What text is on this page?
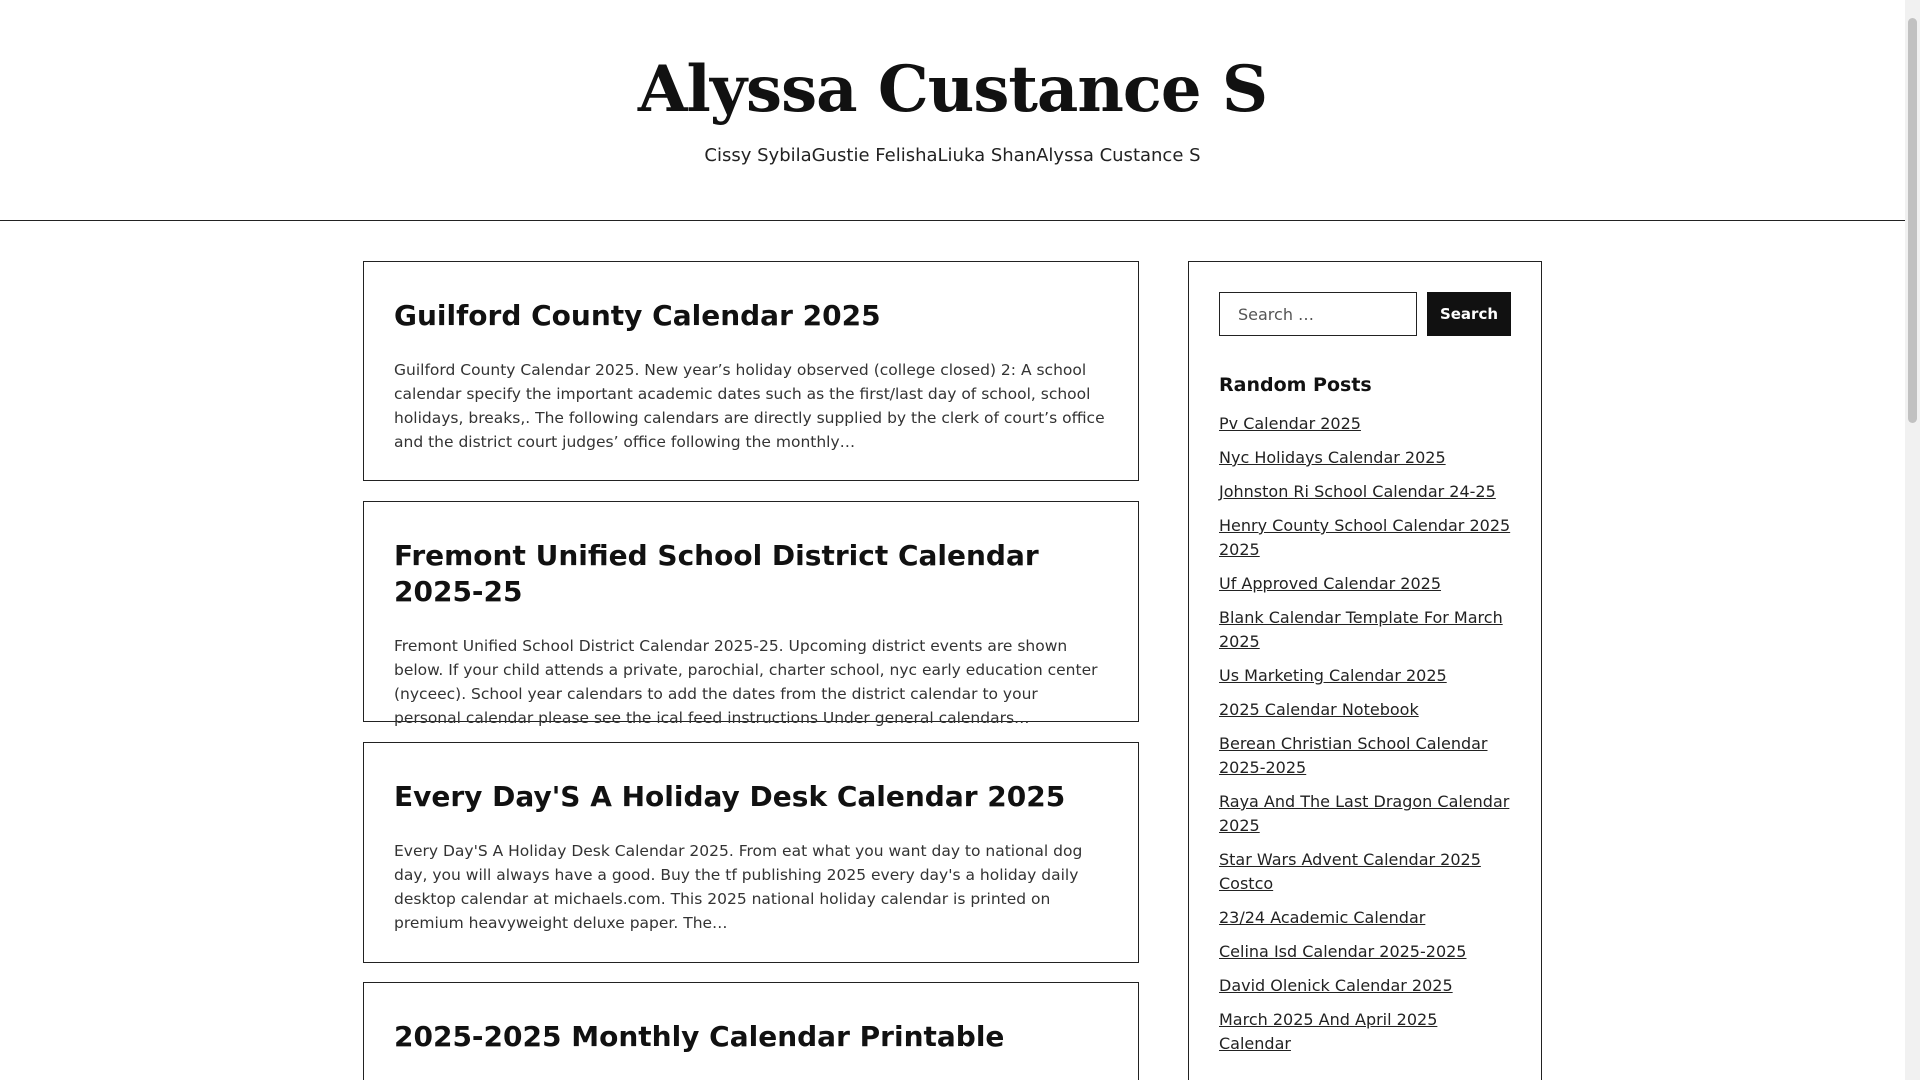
Alyssa Custance S
Cissy Sybila Gustie Felisha Liuka Shan Alyssa Custance S
Guilford County Calendar 2025

Guilford County Calendar 2025. New year’s holiday observed (college closed) 2: A school calendar specify the important academic dates such as the first/last day of school, school holidays, breaks,. The following calendars are directly supplied by the clerk of court’s office and the district court judges’ office following the monthly…

Fremont Unified School District Calendar 2025-25

Fremont Unified School District Calendar 2025-25. Upcoming district events are shown below. If your child attends a private, parochial, charter school, nyc early education center (nyceec). School year calendars to add the dates from the district calendar to your personal calendar please see the ical feed instructions Under general calendars…

Every Day'S A Holiday Desk Calendar 2025

Every Day'S A Holiday Desk Calendar 2025. From eat what you want day to national dog day, you will always have a good. Buy the tf publishing 2025 every day's a holiday daily desktop calendar at michaels.com. This 2025 national holiday calendar is printed on premium heavyweight deluxe paper. The…

2025-2025 Monthly Calendar Printable
Search …
Search
Random Posts
Pv Calendar 2025
Nyc Holidays Calendar 2025
Johnston Ri School Calendar 24-25
Henry County School Calendar 2025 2025
Uf Approved Calendar 2025
Blank Calendar Template For March 2025
Us Marketing Calendar 2025
2025 Calendar Notebook
Berean Christian School Calendar 2025-2025
Raya And The Last Dragon Calendar 2025
Star Wars Advent Calendar 2025 Costco
23/24 Academic Calendar
Celina Isd Calendar 2025-2025
David Olenick Calendar 2025
March 2025 And April 2025 Calendar
